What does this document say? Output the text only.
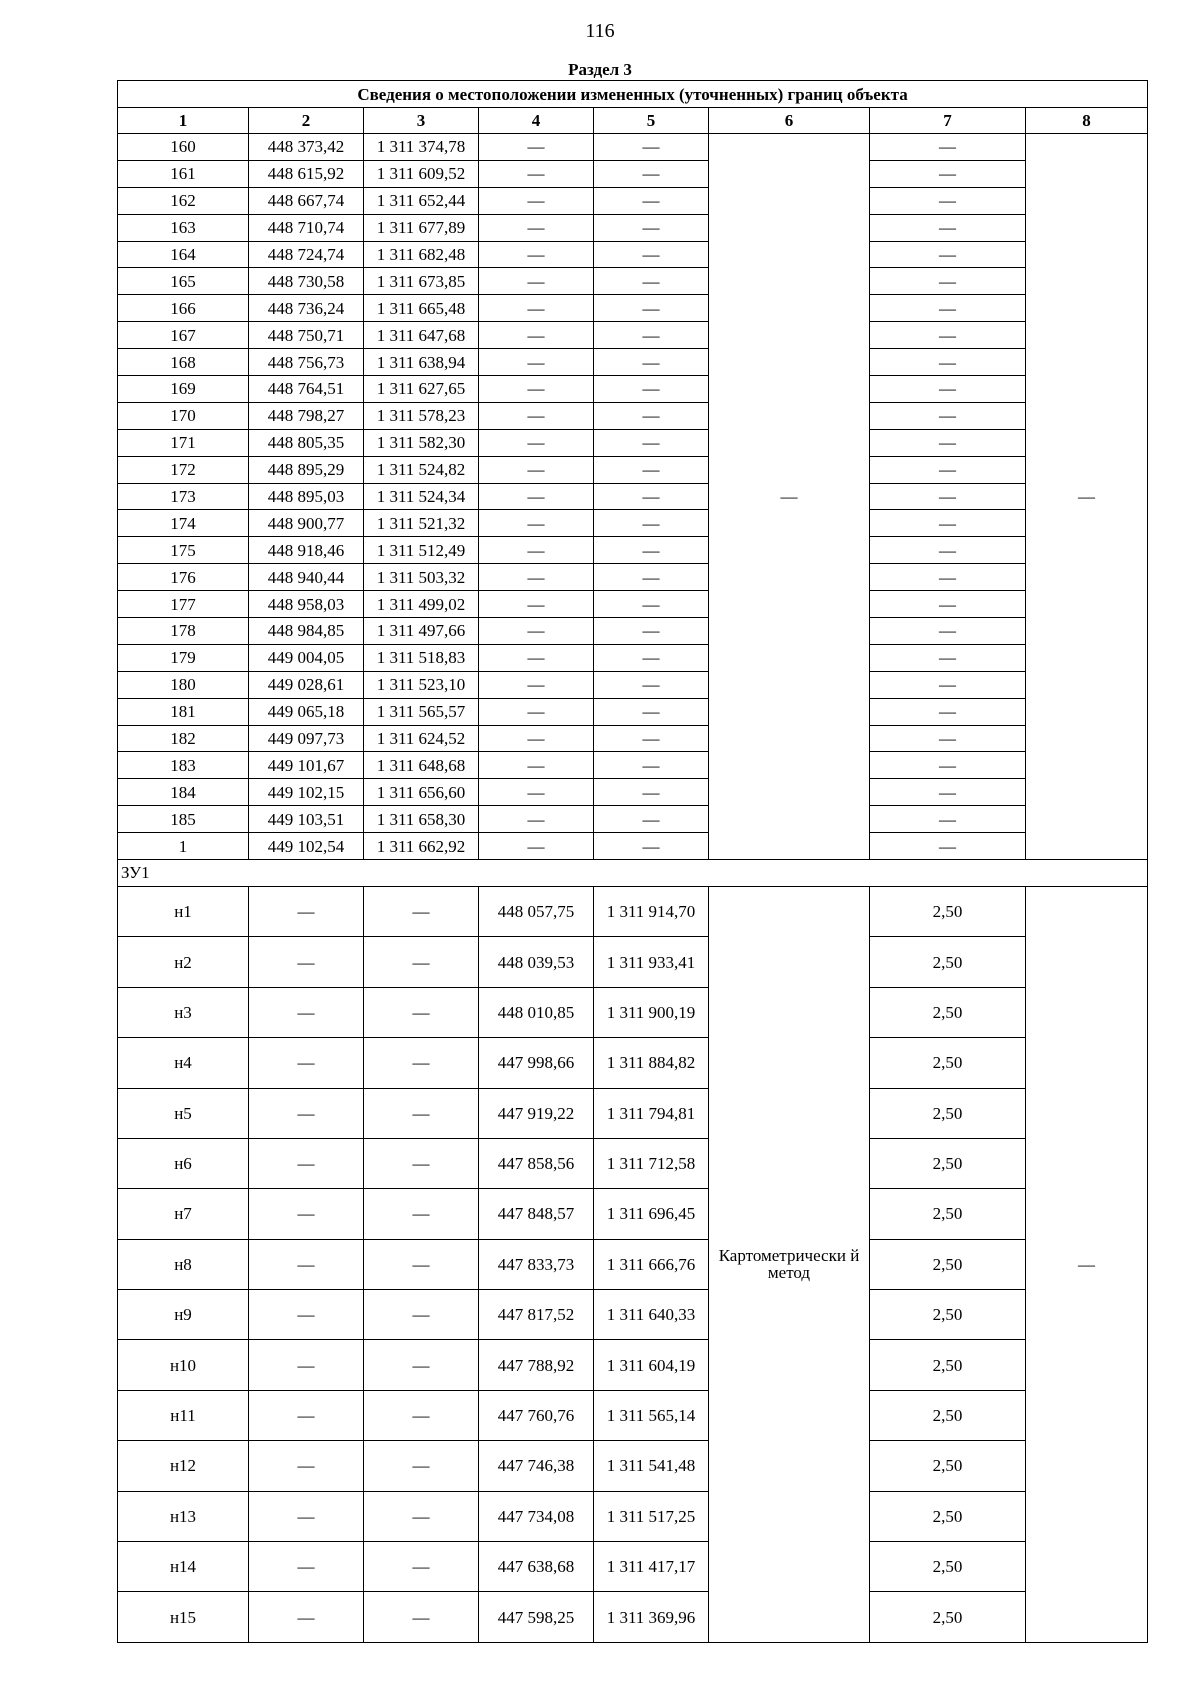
116
Раздел 3
Сведения о местоположении измененных (уточненных) границ объекта							
1	2	3	4	5	6	7	8
160	448 373,42	1 311 374,78	—	—	—	—	—
161	448 615,92	1 311 609,52	—	—		—	
162	448 667,74	1 311 652,44	—	—		—	
163	448 710,74	1 311 677,89	—	—		—	
164	448 724,74	1 311 682,48	—	—		—	
165	448 730,58	1 311 673,85	—	—		—	
166	448 736,24	1 311 665,48	—	—		—	
167	448 750,71	1 311 647,68	—	—		—	
168	448 756,73	1 311 638,94	—	—		—	
169	448 764,51	1 311 627,65	—	—		—	
170	448 798,27	1 311 578,23	—	—		—	
171	448 805,35	1 311 582,30	—	—		—	
172	448 895,29	1 311 524,82	—	—		—	
173	448 895,03	1 311 524,34	—	—		—	
174	448 900,77	1 311 521,32	—	—		—	
175	448 918,46	1 311 512,49	—	—		—	
176	448 940,44	1 311 503,32	—	—		—	
177	448 958,03	1 311 499,02	—	—		—	
178	448 984,85	1 311 497,66	—	—		—	
179	449 004,05	1 311 518,83	—	—		—	
180	449 028,61	1 311 523,10	—	—		—	
181	449 065,18	1 311 565,57	—	—		—	
182	449 097,73	1 311 624,52	—	—		—	
183	449 101,67	1 311 648,68	—	—		—	
184	449 102,15	1 311 656,60	—	—		—	
185	449 103,51	1 311 658,30	—	—		—	
1	449 102,54	1 311 662,92	—	—		—	
ЗУ1							
н1	—	—	448 057,75	1 311 914,70	Картометрически й метод	2,50	—
н2	—	—	448 039,53	1 311 933,41		2,50	
н3	—	—	448 010,85	1 311 900,19		2,50	
н4	—	—	447 998,66	1 311 884,82		2,50	
н5	—	—	447 919,22	1 311 794,81		2,50	
н6	—	—	447 858,56	1 311 712,58		2,50	
н7	—	—	447 848,57	1 311 696,45		2,50	
н8	—	—	447 833,73	1 311 666,76		2,50	
н9	—	—	447 817,52	1 311 640,33		2,50	
н10	—	—	447 788,92	1 311 604,19		2,50	
н11	—	—	447 760,76	1 311 565,14		2,50	
н12	—	—	447 746,38	1 311 541,48		2,50	
н13	—	—	447 734,08	1 311 517,25		2,50	
н14	—	—	447 638,68	1 311 417,17		2,50	
н15	—	—	447 598,25	1 311 369,96		2,50	
